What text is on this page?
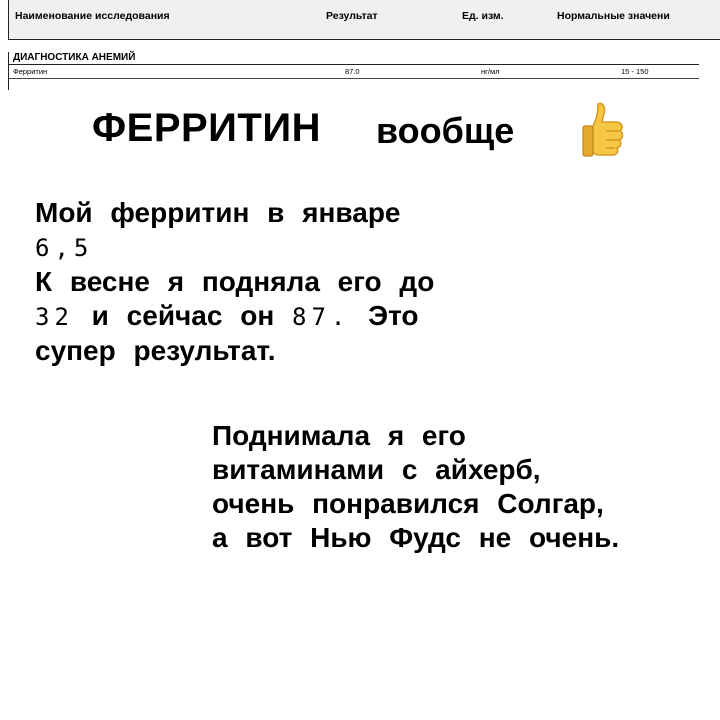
Наименование исследования	Результат	Ед. изм.	Нормальные значени
ДИАГНОСТИКА АНЕМИЙ
Ферритин	87.0	нг/мл	15 - 150
ФЕРРИТИН вообще
Мой ферритин в январе
6,5
К весне я подняла его до
32 и сейчас он 87. Это
супер результат.
Поднимала я его
витаминами с айхерб,
очень понравился Солгар,
а вот Нью Фудс не очень.
